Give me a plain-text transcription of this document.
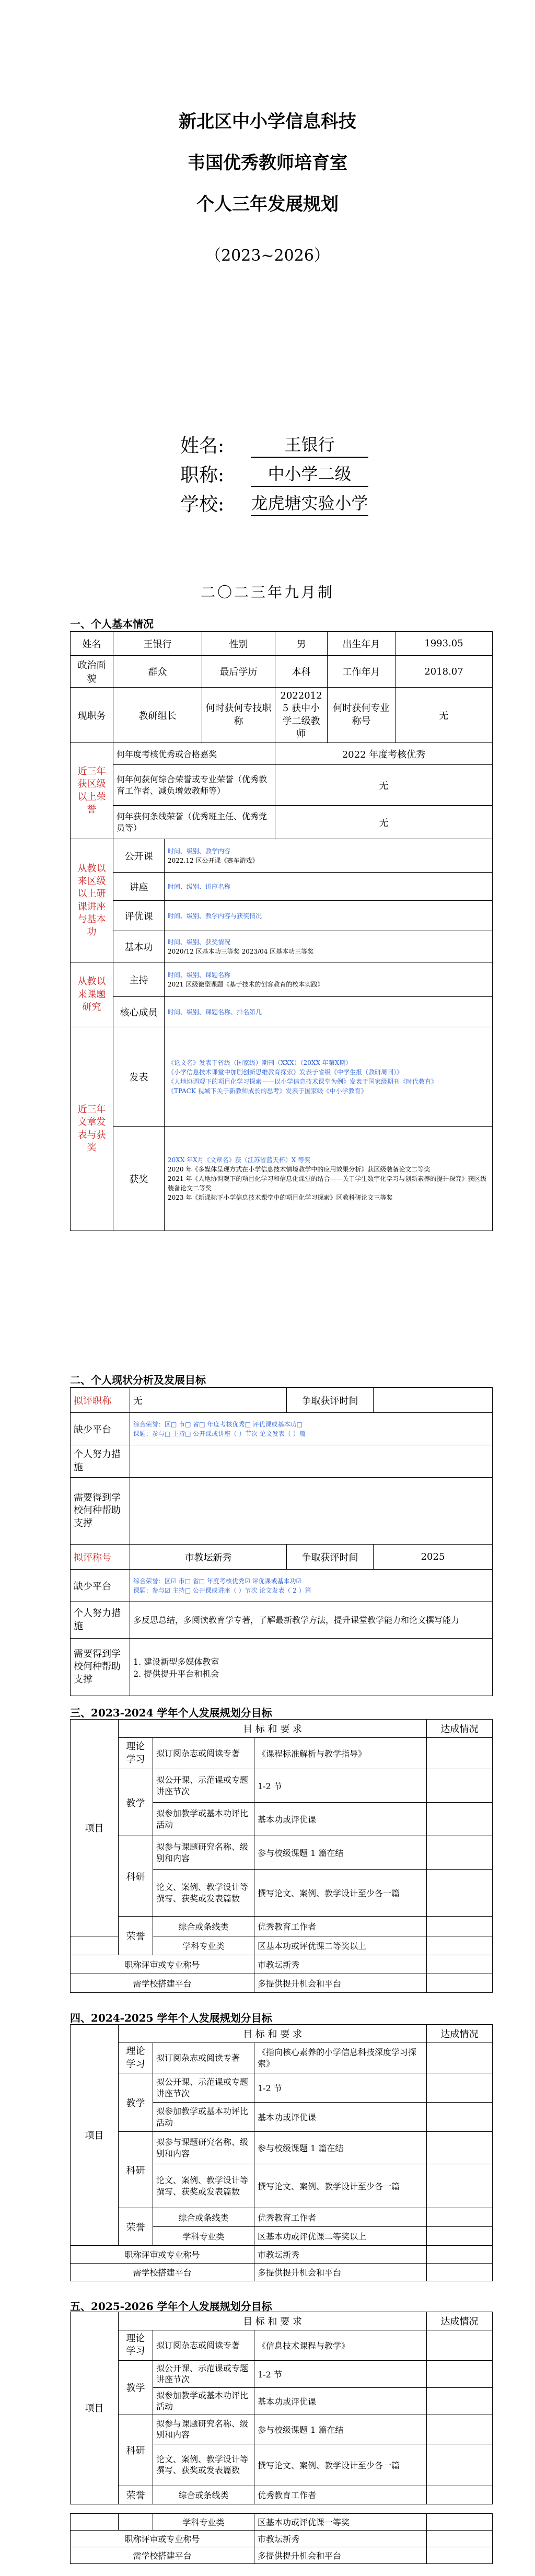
新北区中小学信息科技
韦国优秀教师培育室
个人三年发展规划
（2023~2026）
姓名:	王银行
职称:	中小学二级
学校:	龙虎塘实验小学
二〇二三年九月制
一、个人基本情况
姓名	王银行		性别	男	出生年月	1993.05
政治面貌	群众		最后学历	本科	工作年月	2018.07
现职务	教研组长		何时获何专技职称	20220125 获中小学二级教师	何时获何专业称号	无
近三年获区级以上荣誉	何年度考核优秀或合格嘉奖			2022 年度考核优秀		
	何年何获何综合荣誉或专业荣誉（优秀教育工作者、减负增效教师等）			无		
	何年获何条线荣誉（优秀班主任、优秀党员等）			无		
从教以来区级以上研课讲座与基本功	公开课	时间、级别、教学内容
2022.12 区公开课《赛车游戏》				

	讲座	时间、级别、讲座名称				
	评优课	时间、级别、教学内容与获奖情况				
	基本功	时间、级别、获奖情况
2020/12 区基本功三等奖 2023/04 区基本功三等奖				

从教以来课题研究	主持	时间、级别、课题名称
2021 区级微型课题《基于技术的创客教育的校本实践》				

	核心成员	时间、级别、课题名称、排名第几				
近三年文章发表与获奖	发表	《论文名》发表于省级（国家级）期刊（XXX）（20XX 年第X期）
《小学信息技术课堂中加剧创新思维教育探索》发表于省级《中学生报（教研周刊）》
《人地协调观下的项目化学习探索——以小学信息技术课堂为例》发表于国家级期刊《时代教育》
《TPACK 视域下关于新教师成长的思考》发表于国家级《中小学教育》				

	获奖	20XX 年X月《文章名》获（江苏省蓝天杯）X 等奖
2020 年《多媒体呈现方式在小学信息技术情境教学中的应用效果分析》获区级装备论文二等奖
2021 年《人地协调观下的项目化学习和信息化课堂的结合——关于学生数字化学习与创新素养的提升探究》获区级装备论文二等奖
2023 年《新课标下小学信息技术课堂中的项目化学习探索》区教科研论文三等奖				
二、个人现状分析及发展目标
拟评职称	无	争取获评时间	
缺少平台	综合荣誉：区□ 市□ 省□ 年度考核优秀□ 评优课或基本功□
课题：参与□ 主持□ 公开课或讲座（ ）节次 论文发表（ ）篇		

个人努力措施			
需要得到学校何种帮助支撑			
拟评称号	市教坛新秀	争取获评时间	2025
缺少平台	综合荣誉：区☑ 市□ 省□ 年度考核优秀☑ 评优课或基本功☑
课题：参与☑ 主持□ 公开课或讲座（ ）节次 论文发表（ 2 ）篇		

个人努力措施	多反思总结，多阅读教育学专著，了解最新教学方法，提升课堂教学能力和论文撰写能力		
需要得到学校何种帮助支撑	1. 建设新型多媒体教室
2. 提供提升平台和机会		
三、2023-2024 学年个人发展规划分目标
项目	目 标 和 要 求			达成情况
	理论学习	拟订阅杂志或阅读专著	《课程标准解析与教学指导》	
	教学	拟公开课、示范课或专题讲座节次	1-2 节	
		拟参加教学或基本功评比活动	基本功或评优课	
	科研	拟参与课题研究名称、级别和内容	参与校级课题 1 篇在结	
		论文、案例、教学设计等撰写、获奖或发表篇数	撰写论文、案例、教学设计至少各一篇	
	荣誉	综合或条线类	优秀教育工作者	
		学科专业类	区基本功或评优课二等奖以上	
职称评审或专业称号			市教坛新秀	
需学校搭建平台			多提供提升机会和平台	
四、2024-2025 学年个人发展规划分目标
项目	目 标 和 要 求			达成情况
	理论学习	拟订阅杂志或阅读专著	《指向核心素养的小学信息科技深度学习探索》	
	教学	拟公开课、示范课或专题讲座节次	1-2 节	
		拟参加教学或基本功评比活动	基本功或评优课	
	科研	拟参与课题研究名称、级别和内容	参与校级课题 1 篇在结	
		论文、案例、教学设计等撰写、获奖或发表篇数	撰写论文、案例、教学设计至少各一篇	
	荣誉	综合或条线类	优秀教育工作者	
		学科专业类	区基本功或评优课二等奖以上	
职称评审或专业称号			市教坛新秀	
需学校搭建平台			多提供提升机会和平台	
五、2025-2026 学年个人发展规划分目标
项目	目 标 和 要 求			达成情况
	理论学习	拟订阅杂志或阅读专著	《信息技术课程与教学》	
	教学	拟公开课、示范课或专题讲座节次	1-2 节	
		拟参加教学或基本功评比活动	基本功或评优课	
	科研	拟参与课题研究名称、级别和内容	参与校级课题 1 篇在结	
		论文、案例、教学设计等撰写、获奖或发表篇数	撰写论文、案例、教学设计至少各一篇	
	荣誉	综合或条线类	优秀教育工作者	
		学科专业类	区基本功或评优课一等奖	
职称评审或专业称号			市教坛新秀	
需学校搭建平台			多提供提升机会和平台	
